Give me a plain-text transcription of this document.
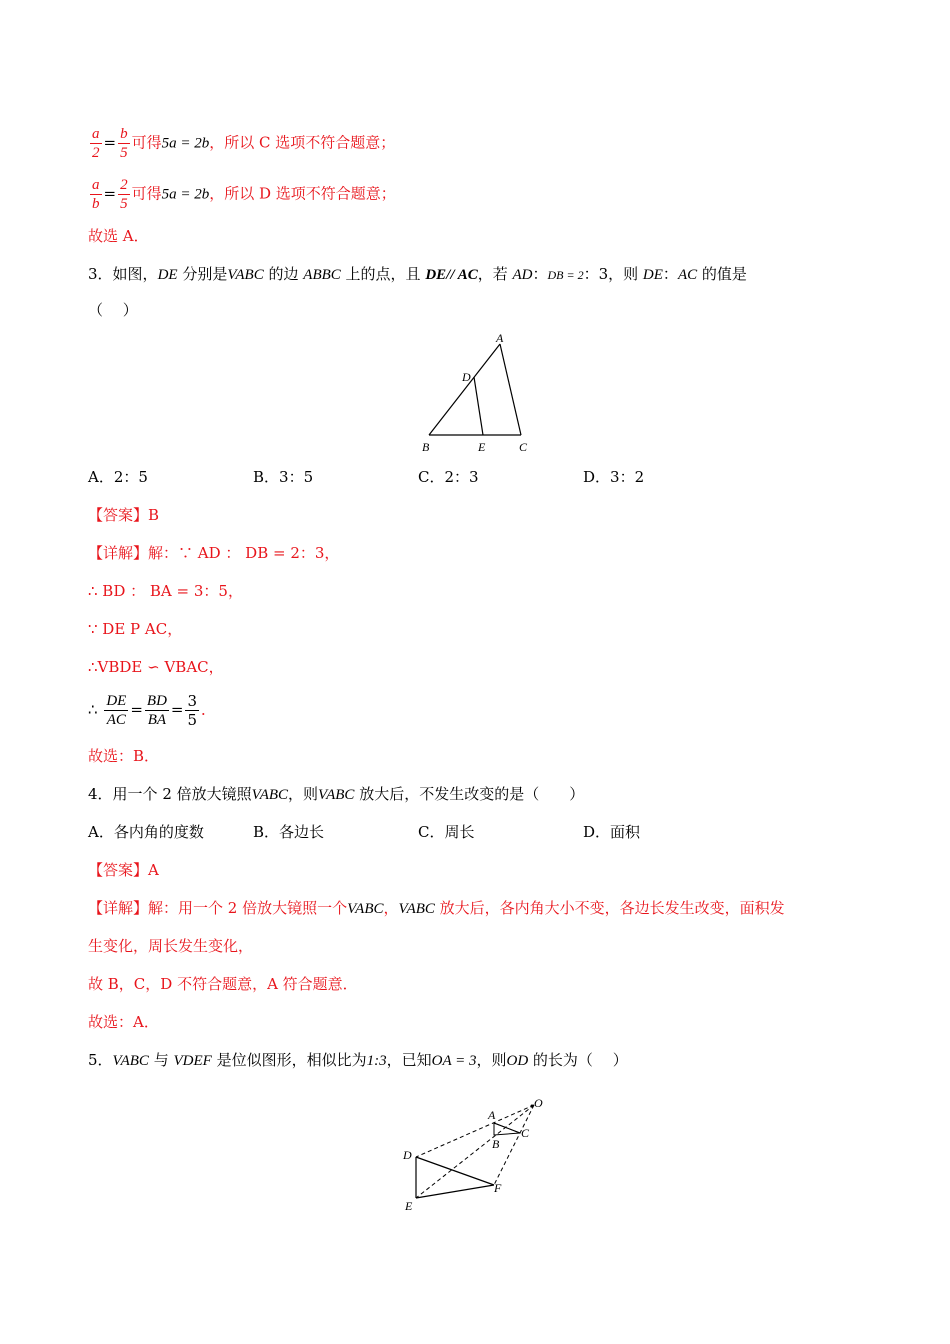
$\frac{a}{2} = \frac{b}{5}$ 可得5a = 2b，所以 C 选项不符合题意；
$\frac{a}{b} = \frac{2}{5}$ 可得5a = 2b，所以 D 选项不符合题意；
故选 A．
3．如图，DE 分别是VABC 的边 ABBC 上的点，且 DE// AC，若 AD：DB = 2：3，则 DE：AC 的值是
（　 ）
A
D
B	E	C
A．2：5	B．3：5	C．2：3	D．3：2
【答案】B
【详解】解：∵ AD ： DB = 2：3，
∴ BD ： BA = 3：5，
∵ DE P AC，
∴VBDE ∽ VBAC，
∴ $\frac{DE}{AC} = \frac{BD}{BA} = \frac{3}{5}$ ．
故选：B．
4．用一个 2 倍放大镜照VABC，则VABC 放大后，不发生改变的是（　　）
A．各内角的度数	B．各边长	C．周长	D．面积
【答案】A
【详解】解：用一个 2 倍放大镜照一个VABC，VABC 放大后，各内角大小不变，各边长发生改变，面积发
生变化，周长发生变化，
故 B，C，D 不符合题意，A 符合题意．
故选：A．
5．VABC 与 VDEF 是位似图形，相似比为1:3，已知OA = 3，则OD 的长为（　 ）
O
A
B
C
D
E
F
